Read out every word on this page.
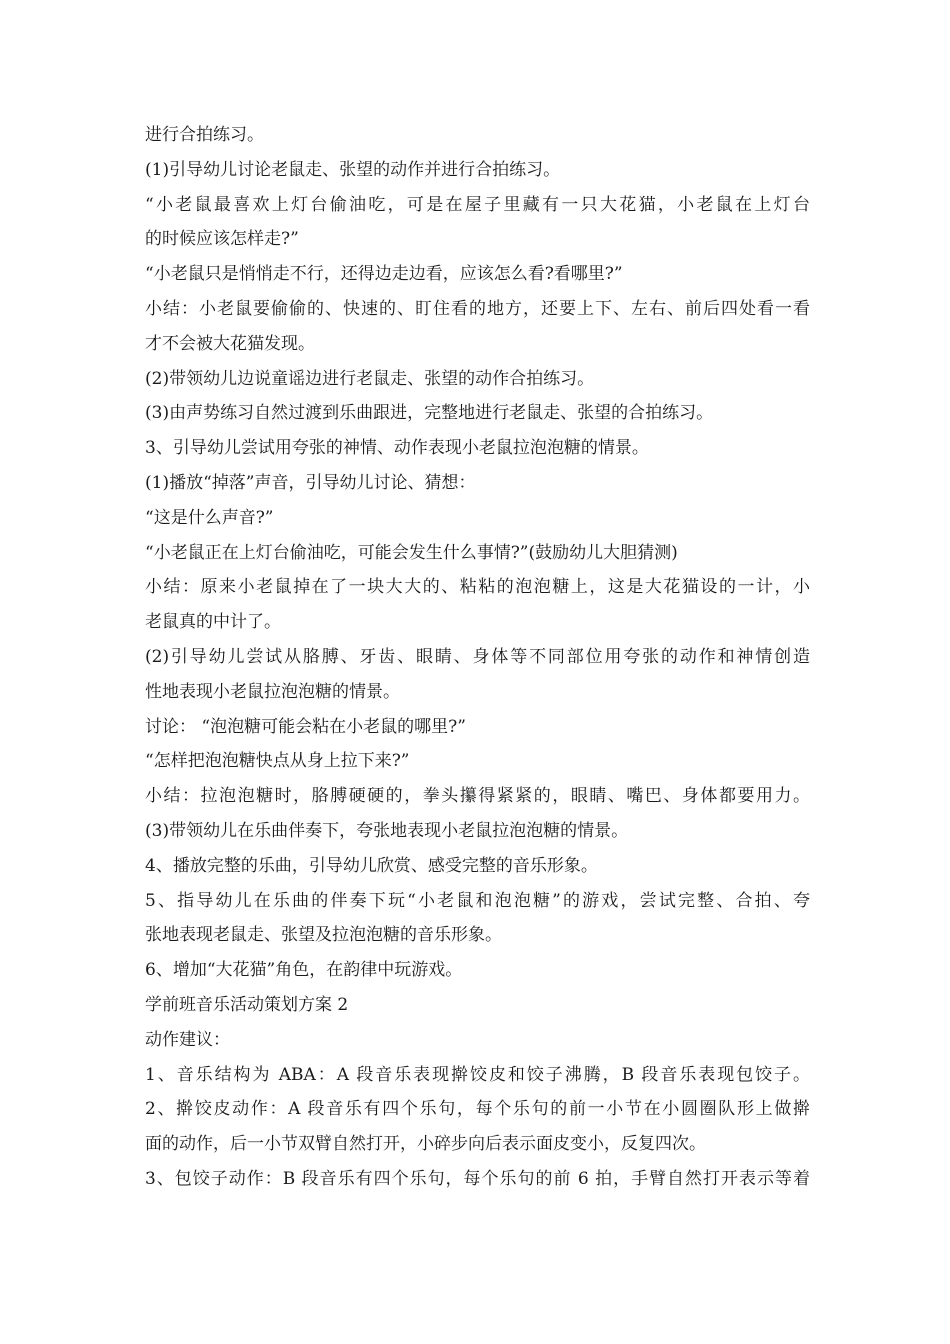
进行合拍练习。
(1)引导幼儿讨论老鼠走、张望的动作并进行合拍练习。
“小老鼠最喜欢上灯台偷油吃，可是在屋子里藏有一只大花猫，小老鼠在上灯台
的时候应该怎样走?”
“小老鼠只是悄悄走不行，还得边走边看，应该怎么看?看哪里?”
小结：小老鼠要偷偷的、快速的、盯住看的地方，还要上下、左右、前后四处看一看
才不会被大花猫发现。
(2)带领幼儿边说童谣边进行老鼠走、张望的动作合拍练习。
(3)由声势练习自然过渡到乐曲跟进，完整地进行老鼠走、张望的合拍练习。
3、引导幼儿尝试用夸张的神情、动作表现小老鼠拉泡泡糖的情景。
(1)播放“掉落”声音，引导幼儿讨论、猜想：
“这是什么声音?”
“小老鼠正在上灯台偷油吃，可能会发生什么事情?”(鼓励幼儿大胆猜测)
小结：原来小老鼠掉在了一块大大的、粘粘的泡泡糖上，这是大花猫设的一计，小
老鼠真的中计了。
(2)引导幼儿尝试从胳膊、牙齿、眼睛、身体等不同部位用夸张的动作和神情创造
性地表现小老鼠拉泡泡糖的情景。
讨论： “泡泡糖可能会粘在小老鼠的哪里?”
“怎样把泡泡糖快点从身上拉下来?”
小结：拉泡泡糖时，胳膊硬硬的，拳头攥得紧紧的，眼睛、嘴巴、身体都要用力。
(3)带领幼儿在乐曲伴奏下，夸张地表现小老鼠拉泡泡糖的情景。
4、播放完整的乐曲，引导幼儿欣赏、感受完整的音乐形象。
5、指导幼儿在乐曲的伴奏下玩“小老鼠和泡泡糖”的游戏，尝试完整、合拍、夸
张地表现老鼠走、张望及拉泡泡糖的音乐形象。
6、增加“大花猫”角色，在韵律中玩游戏。
学前班音乐活动策划方案 2
动作建议：
1、音乐结构为 ABA：A 段音乐表现擀饺皮和饺子沸腾，B 段音乐表现包饺子。
2、擀饺皮动作：A 段音乐有四个乐句，每个乐句的前一小节在小圆圈队形上做擀
面的动作，后一小节双臂自然打开，小碎步向后表示面皮变小，反复四次。
3、包饺子动作：B 段音乐有四个乐句，每个乐句的前 6 拍，手臂自然打开表示等着
